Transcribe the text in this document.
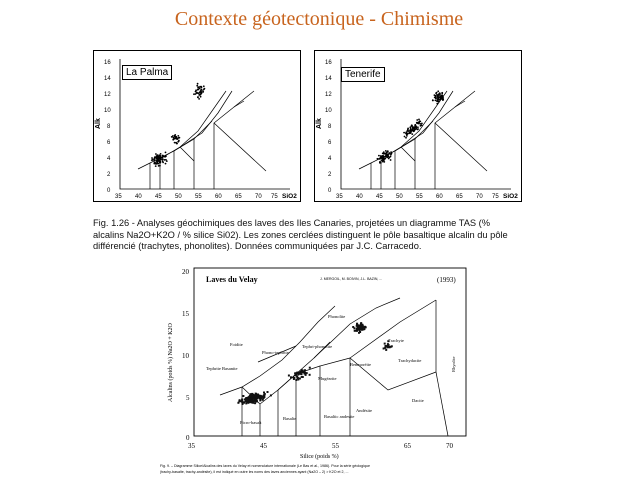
Contexte géotectonique - Chimisme
16
14
12
10
8
6
4
2
0
35 40 45 50 55 60 65 70 75
Alk
SiO2
La Palma
16
14
12
10
8
6
4
2
0
35 40 45 50 55 60 65 70 75
Alk
SiO2
Tenerife
Fig. 1.26 - Analyses géochimiques des laves des Iles Canaries, projetées un diagramme TAS (%
alcalins Na2O+K2O / % silice Si02). Les zones cerclées distinguent le pôle basaltique alcalin du pôle
différencié (trachytes, phonolites). Données communiquées par J.C. Carracedo.
Laves du Velay	J. MERGOIL, M. BOIVIN, J.L. BAZIN, ...	(1993)
Foidite
Tephrite Basanite
Phono-tephrite
Tephri-phonolite
Phonolite
Trachyte
Trachydacite
Benmoréite
Mugéarite
Basalte	Basaltic andesite
Andésite
Dacite
Picro-basalt
Rhyolite
20
15
10
5
0
35	45	55	65	70
Silice (poids %)
Alcalins (poids %) Na2O + K2O
Fig. 9. – Diagramme Silice/Alcalins des laves du Velay et nomenclature internationale (Le Bas et al., 1986). Pour la série géologique
(trachy-basalte, trachy-andésite), il est indiqué en outre les noms des laves anciennes ayant (Na2O – 2) > K2O et 2, ...
